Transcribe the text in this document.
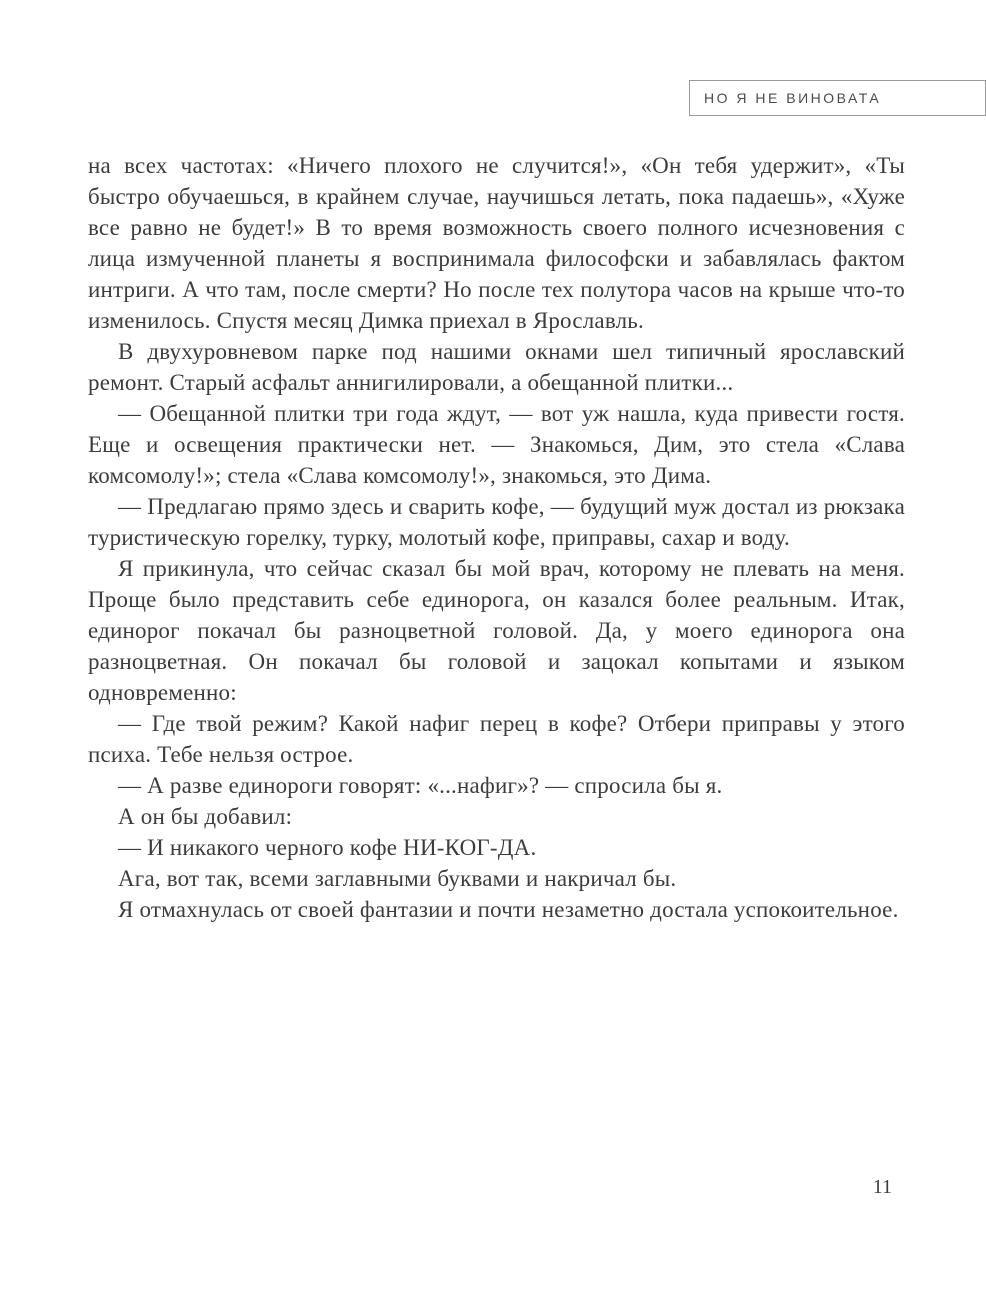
НО Я НЕ ВИНОВАТА

на всех частотах: «Ничего плохого не случится!», «Он тебя удержит», «Ты быстро обучаешься, в крайнем случае, научишься летать, пока падаешь», «Хуже все равно не будет!» В то время возможность своего полного исчезновения с лица измученной планеты я воспринимала философски и забавлялась фактом интриги. А что там, после смерти? Но после тех полутора часов на крыше что-то изменилось. Спустя месяц Димка приехал в Ярославль.

В двухуровневом парке под нашими окнами шел типичный ярославский ремонт. Старый асфальт аннигилировали, а обещанной плитки...

— Обещанной плитки три года ждут, — вот уж нашла, куда привести гостя. Еще и освещения практически нет. — Знакомься, Дим, это стела «Слава комсомолу!»; стела «Слава комсомолу!», знакомься, это Дима.

— Предлагаю прямо здесь и сварить кофе, — будущий муж достал из рюкзака туристическую горелку, турку, молотый кофе, приправы, сахар и воду.

Я прикинула, что сейчас сказал бы мой врач, которому не плевать на меня. Проще было представить себе единорога, он казался более реальным. Итак, единорог покачал бы разноцветной головой. Да, у моего единорога она разноцветная. Он покачал бы головой и зацокал копытами и языком одновременно:

— Где твой режим? Какой нафиг перец в кофе? Отбери приправы у этого психа. Тебе нельзя острое.

— А разве единороги говорят: «...нафиг»? — спросила бы я.

А он бы добавил:

— И никакого черного кофе НИ-КОГ-ДА.

Ага, вот так, всеми заглавными буквами и накричал бы.

Я отмахнулась от своей фантазии и почти незаметно достала успокоительное.

11
